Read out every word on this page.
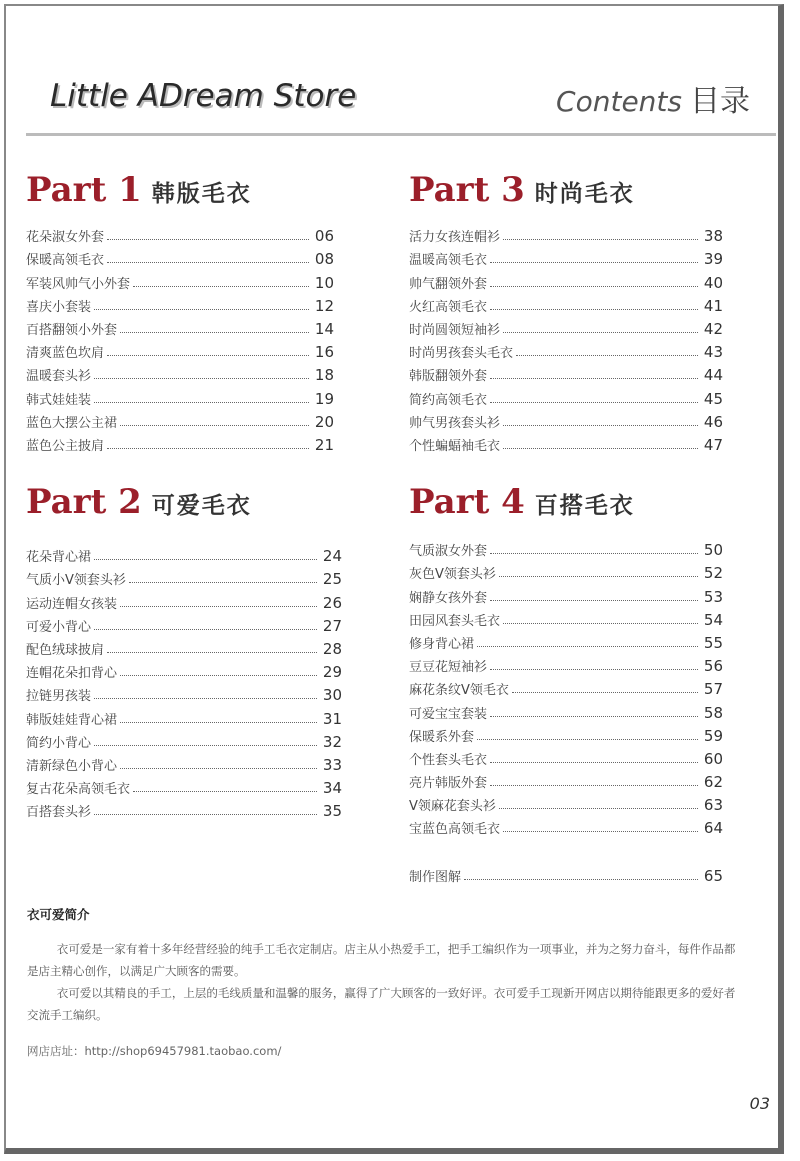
Little ADream Store	Contents 目录
Part 1 韩版毛衣
花朵淑女外套	06
保暖高领毛衣	08
军装风帅气小外套	10
喜庆小套装	12
百搭翻领小外套	14
清爽蓝色坎肩	16
温暖套头衫	18
韩式娃娃装	19
蓝色大摆公主裙	20
蓝色公主披肩	21
Part 2 可爱毛衣
花朵背心裙	24
气质小V领套头衫	25
运动连帽女孩装	26
可爱小背心	27
配色绒球披肩	28
连帽花朵扣背心	29
拉链男孩装	30
韩版娃娃背心裙	31
简约小背心	32
清新绿色小背心	33
复古花朵高领毛衣	34
百搭套头衫	35
Part 3 时尚毛衣
活力女孩连帽衫	38
温暖高领毛衣	39
帅气翻领外套	40
火红高领毛衣	41
时尚圆领短袖衫	42
时尚男孩套头毛衣	43
韩版翻领外套	44
简约高领毛衣	45
帅气男孩套头衫	46
个性蝙蝠袖毛衣	47
Part 4 百搭毛衣
气质淑女外套	50
灰色V领套头衫	52
娴静女孩外套	53
田园风套头毛衣	54
修身背心裙	55
豆豆花短袖衫	56
麻花条纹V领毛衣	57
可爱宝宝套装	58
保暖系外套	59
个性套头毛衣	60
亮片韩版外套	62
V领麻花套头衫	63
宝蓝色高领毛衣	64
制作图解	65
衣可爱简介

衣可爱是一家有着十多年经营经验的纯手工毛衣定制店。店主从小热爱手工，把手工编织作为一项事业，并为之努力奋斗，每件作品都是店主精心创作，以满足广大顾客的需要。

衣可爱以其精良的手工，上层的毛线质量和温馨的服务，赢得了广大顾客的一致好评。衣可爱手工现新开网店以期待能跟更多的爱好者交流手工编织。

网店店址：http://shop69457981.taobao.com/

03
